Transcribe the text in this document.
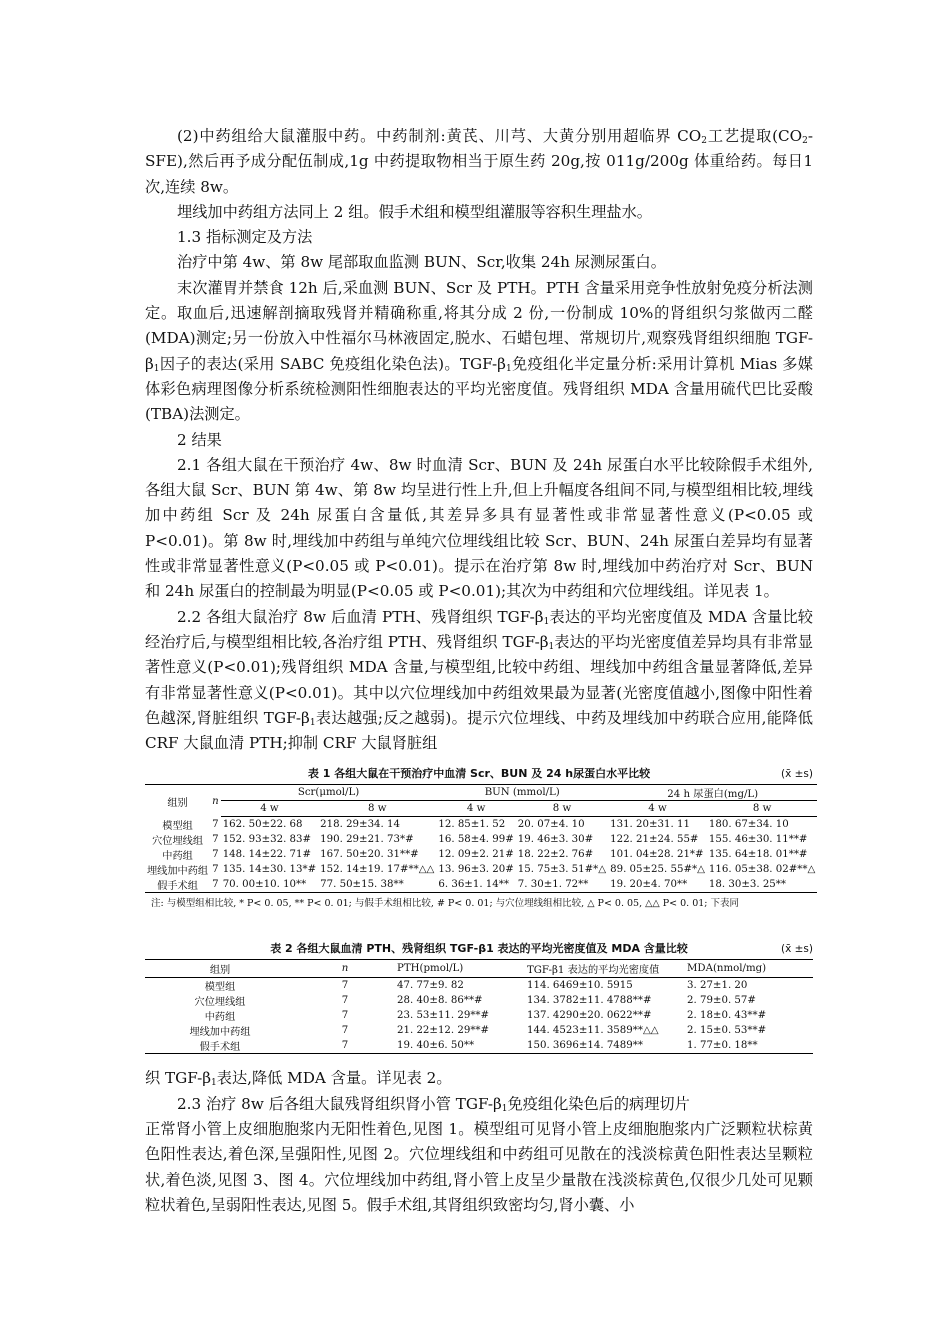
(2)中药组给大鼠灌服中药。中药制剂:黄芪、川芎、大黄分别用超临界 $CO_2$工艺提取$(CO_2-SFE)$,然后再予成分配伍制成,1g 中药提取物相当于原生药 20g,按 011g/200g 体重给药。每日1 次,连续 8w。

埋线加中药组方法同上 2 组。假手术组和模型组灌服等容积生理盐水。

1.3 指标测定及方法

治疗中第 4w、第 8w 尾部取血监测 BUN、Scr,收集 24h 尿测尿蛋白。

末次灌胃并禁食 12h 后,采血测 BUN、Scr 及 PTH。PTH 含量采用竞争性放射免疫分析法测定。取血后,迅速解剖摘取残肾并精确称重,将其分成 2 份,一份制成 10%的肾组织匀浆做丙二醛(MDA)测定;另一份放入中性福尔马林液固定,脱水、石蜡包埋、常规切片,观察残肾组织细胞 TGF-$\beta_1$因子的表达(采用 SABC 免疫组化染色法)。TGF-$\beta_1$免疫组化半定量分析:采用计算机 Mias 多媒体彩色病理图像分析系统检测阳性细胞表达的平均光密度值。残肾组织 MDA 含量用硫代巴比妥酸(TBA)法测定。

2 结果

2.1 各组大鼠在干预治疗 4w、8w 时血清 Scr、BUN 及 24h 尿蛋白水平比较除假手术组外,各组大鼠 Scr、BUN 第 4w、第 8w 均呈进行性上升,但上升幅度各组间不同,与模型组相比较,埋线加中药组 Scr 及 24h 尿蛋白含量低,其差异多具有显著性或非常显著性意义(P<0.05 或 P<0.01)。第 8w 时,埋线加中药组与单纯穴位埋线组比较 Scr、BUN、24h 尿蛋白差异均有显著性或非常显著性意义(P<0.05 或 P<0.01)。提示在治疗第 8w 时,埋线加中药治疗对 Scr、BUN 和 24h 尿蛋白的控制最为明显(P<0.05 或 P<0.01);其次为中药组和穴位埋线组。详见表 1。

2.2 各组大鼠治疗 8w 后血清 PTH、残肾组织 TGF-$\beta_1$表达的平均光密度值及 MDA 含量比较经治疗后,与模型组相比较,各治疗组 PTH、残肾组织 TGF-$\beta_1$表达的平均光密度值差异均具有非常显著性意义(P<0.01);残肾组织 MDA 含量,与模型组,比较中药组、埋线加中药组含量显著降低,差异有非常显著性意义(P<0.01)。其中以穴位埋线加中药组效果最为显著(光密度值越小,图像中阳性着色越深,肾脏组织 TGF-$\beta_1$表达越强;反之越弱)。提示穴位埋线、中药及埋线加中药联合应用,能降低 CRF 大鼠血清 PTH;抑制 CRF 大鼠肾脏组

表 1 各组大鼠在干预治疗中血清 Scr、BUN 及 24 h尿蛋白水平比较	(x̄ ±s)
组别	n	Scr(μmol/L)		BUN (mmol/L)		24 h 尿蛋白(mg/L)	
		4 w	8 w	4 w	8 w	4 w	8 w
模型组	7	162. 50±22. 68	218. 29±34. 14	12. 85±1. 52	20. 07±4. 10	131. 20±31. 11	180. 67±34. 10
穴位埋线组	7	152. 93±32. 83#	190. 29±21. 73*#	16. 58±4. 99#	19. 46±3. 30#	122. 21±24. 55#	155. 46±30. 11**#
中药组	7	148. 14±22. 71#	167. 50±20. 31**#	12. 09±2. 21#	18. 22±2. 76#	101. 04±28. 21*#	135. 64±18. 01**#
埋线加中药组	7	135. 14±30. 13*#	152. 14±19. 17#**△△	13. 96±3. 20#	15. 75±3. 51#*△	89. 05±25. 55#*△	116. 05±38. 02#**△
假手术组	7	70. 00±10. 10**	77. 50±15. 38**	6. 36±1. 14**	7. 30±1. 72**	19. 20±4. 70**	18. 30±3. 25**
注: 与模型组相比较, * P< 0. 05, ** P< 0. 01; 与假手术组相比较, # P< 0. 01; 与穴位埋线组相比较, △ P< 0. 05, △△ P< 0. 01; 下表同
表 2 各组大鼠血清 PTH、残肾组织 TGF-β1 表达的平均光密度值及 MDA 含量比较	(x̄ ±s)
组别	n	PTH(pmol/L)	TGF-β1 表达的平均光密度值	MDA(nmol/mg)
模型组	7	47. 77±9. 82	114. 6469±10. 5915	3. 27±1. 20
穴位埋线组	7	28. 40±8. 86**#	134. 3782±11. 4788**#	2. 79±0. 57#
中药组	7	23. 53±11. 29**#	137. 4290±20. 0622**#	2. 18±0. 43**#
埋线加中药组	7	21. 22±12. 29**#	144. 4523±11. 3589**△△	2. 15±0. 53**#
假手术组	7	19. 40±6. 50**	150. 3696±14. 7489**	1. 77±0. 18**

织 TGF-$\beta_1$表达,降低 MDA 含量。详见表 2。

2.3 治疗 8w 后各组大鼠残肾组织肾小管 TGF-$\beta_1$免疫组化染色后的病理切片

正常肾小管上皮细胞胞浆内无阳性着色,见图 1。模型组可见肾小管上皮细胞胞浆内广泛颗粒状棕黄色阳性表达,着色深,呈强阳性,见图 2。穴位埋线组和中药组可见散在的浅淡棕黄色阳性表达呈颗粒状,着色淡,见图 3、图 4。穴位埋线加中药组,肾小管上皮呈少量散在浅淡棕黄色,仅很少几处可见颗粒状着色,呈弱阳性表达,见图 5。假手术组,其肾组织致密均匀,肾小囊、小
